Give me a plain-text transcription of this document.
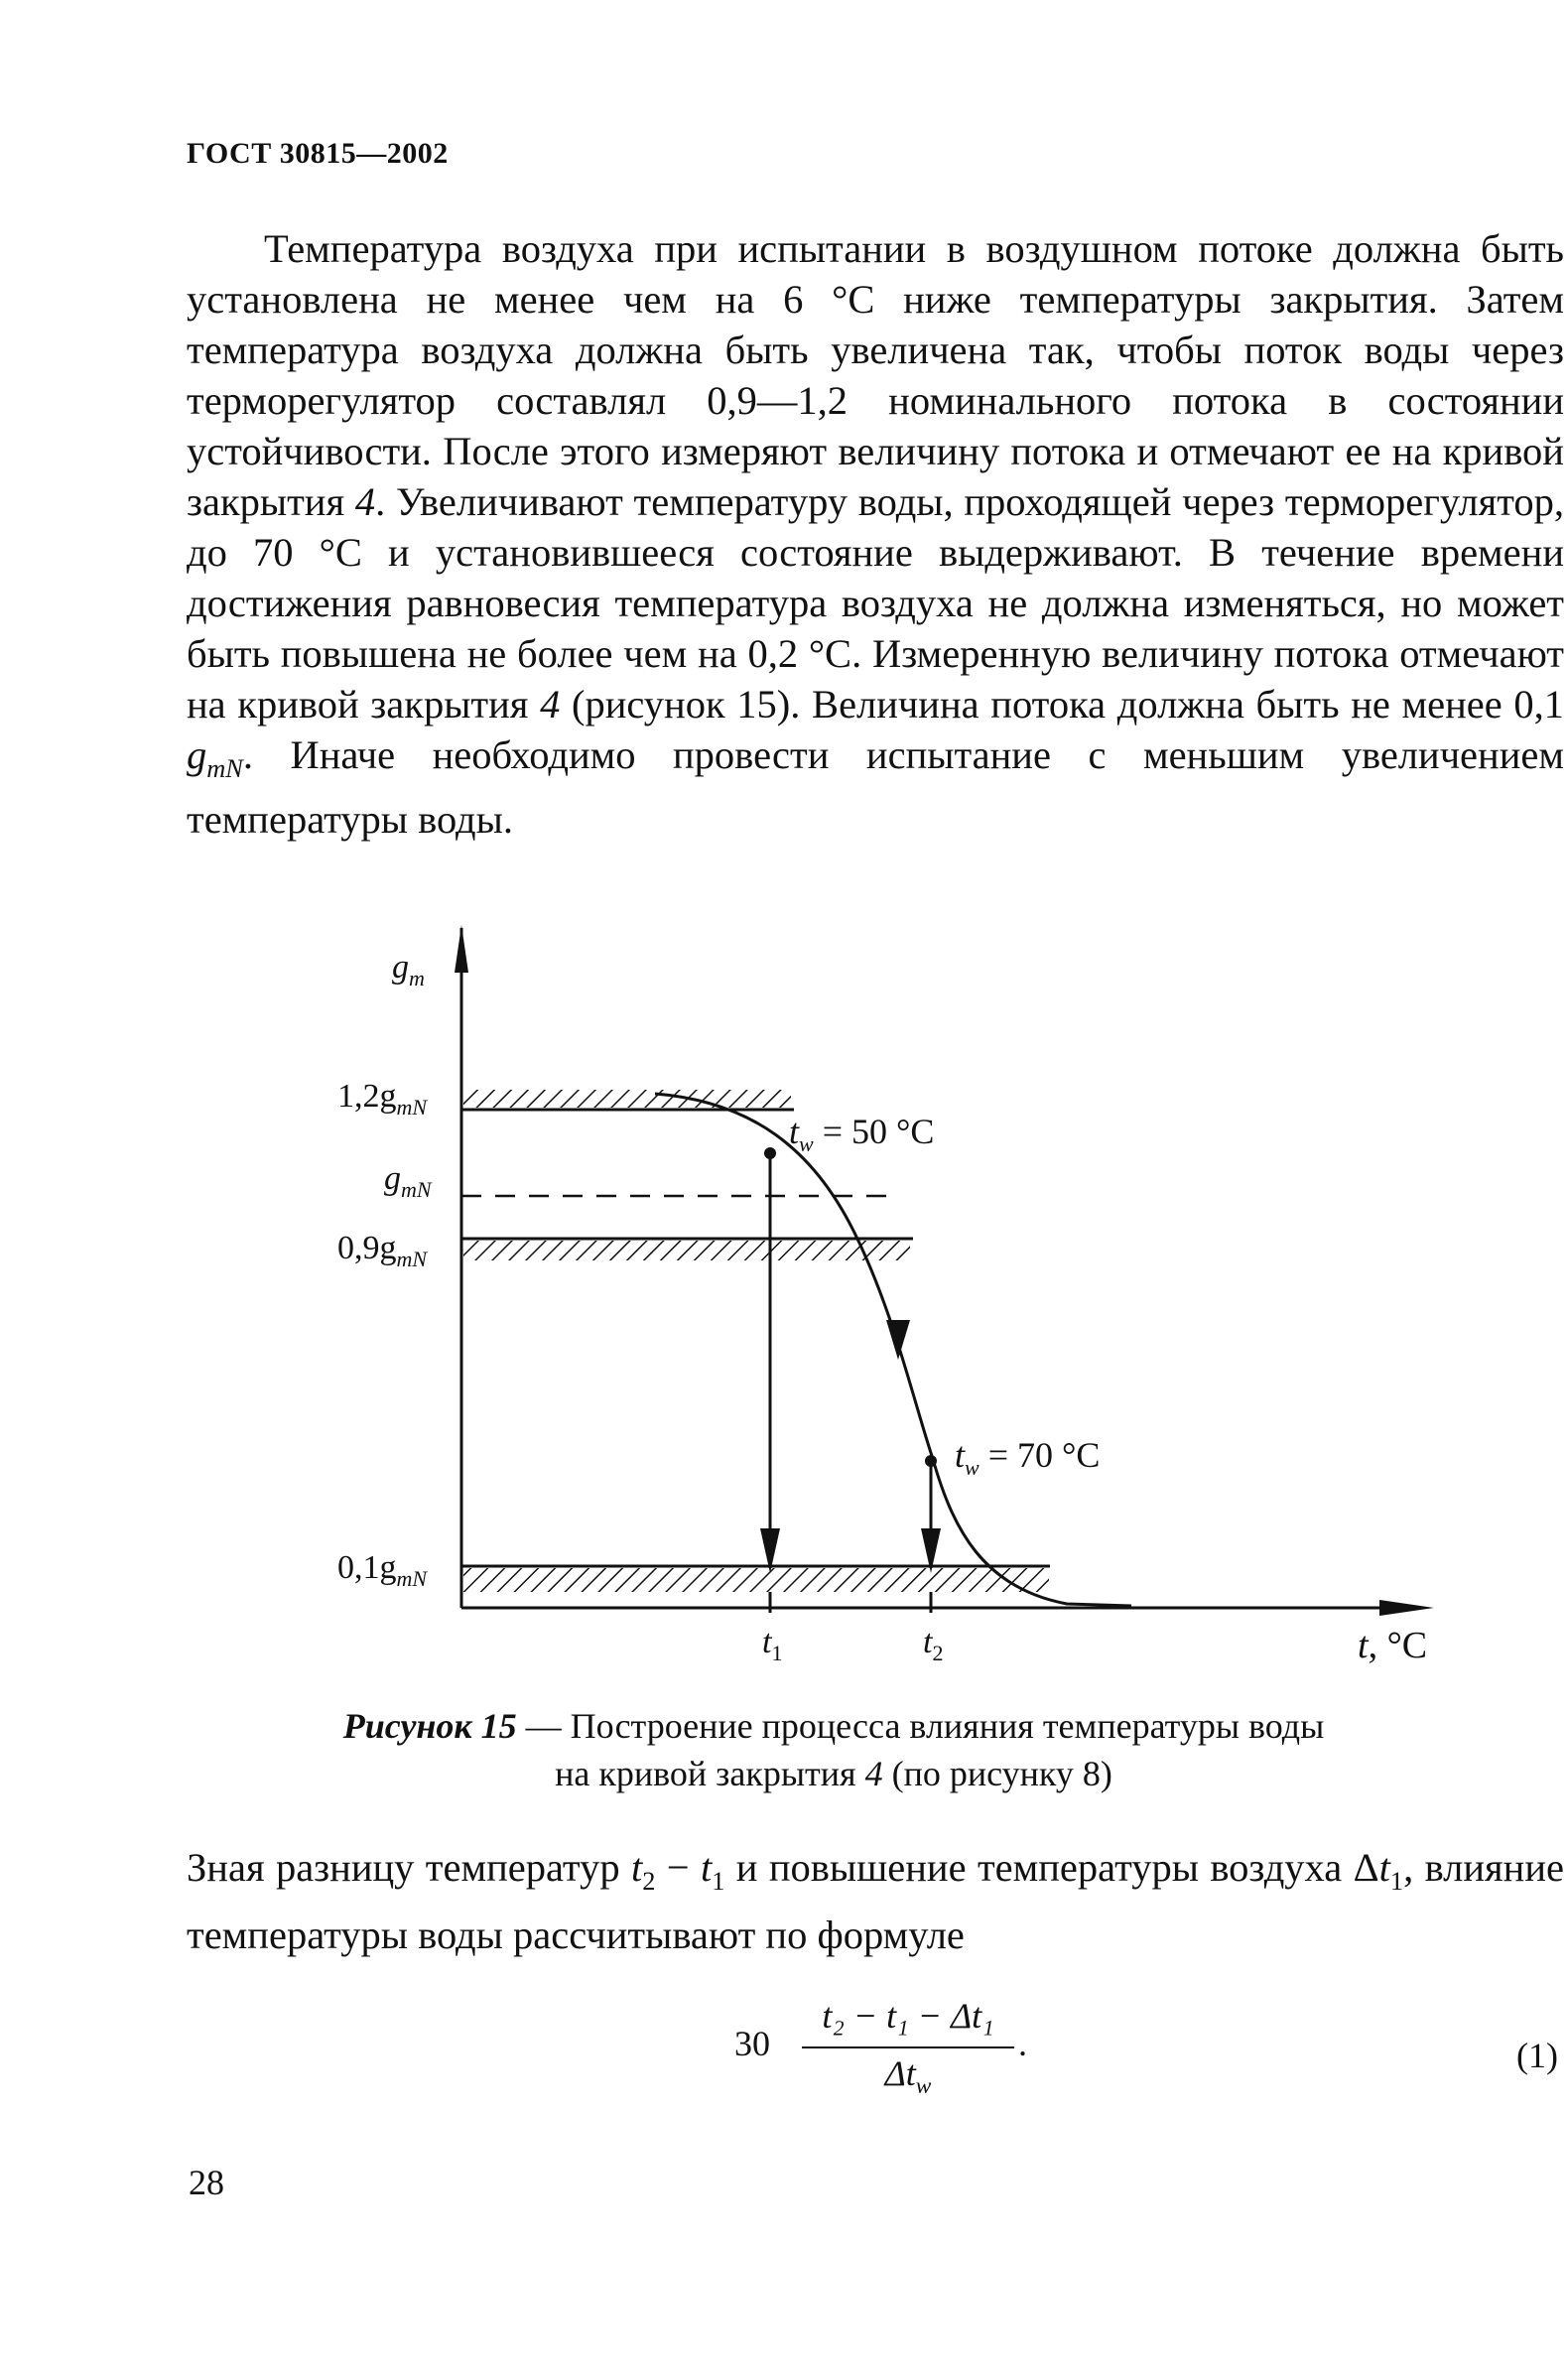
ГОСТ 30815—2002
Температура воздуха при испытании в воздушном потоке должна быть установлена не менее чем на 6 °С ниже температуры закрытия. Затем температура воздуха должна быть увеличена так, чтобы поток воды через терморегулятор составлял 0,9—1,2 номинального потока в состоянии устойчивости. После этого измеряют величину потока и отмечают ее на кривой закрытия 4. Увеличивают температуру воды, проходящей через терморегулятор, до 70 °С и установившееся состояние выдерживают. В течение времени достижения равновесия температура воздуха не должна изменяться, но может быть повышена не более чем на 0,2 °С. Измеренную величину потока отмечают на кривой закрытия 4 (рисунок 15). Величина потока должна быть не менее 0,1 $g_{mN}$. Иначе необходимо провести испытание с меньшим увеличением температуры воды.
$g_m$
$1,2g_{mN}$
$g_{mN}$
$0,9g_{mN}$
$0,1g_{mN}$
$t_w = 50$ °C
$t_w = 70$ °C
$t_1$	$t_2$	t, °C
Рисунок 15 — Построение процесса влияния температуры воды
на кривой закрытия 4 (по рисунку 8)
Зная разницу температур $t_2 - t_1$ и повышение температуры воздуха $\Delta t_1$, влияние температуры воды рассчитывают по формуле
30
t₂ − t₁ − Δt₁
$\Delta t_w$
.	(1)
28
